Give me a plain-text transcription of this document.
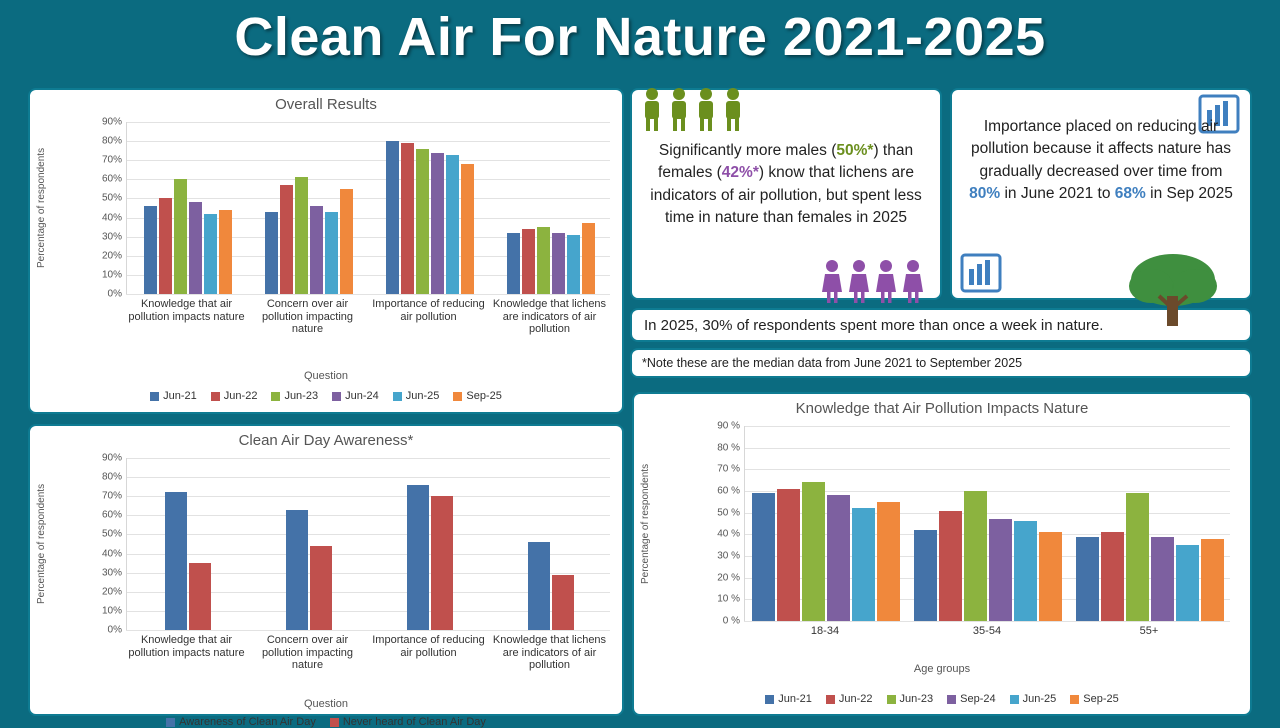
Clean Air For Nature 2021-2025
Overall Results
Percentage of respondents
0%
10%
20%
30%
40%
50%
60%
70%
80%
90%
Knowledge that air pollution impacts nature
Concern over air pollution impacting nature
Importance of reducing air pollution
Knowledge that lichens are indicators of air pollution
Question
Jun-21 Jun-22 Jun-23 Jun-24 Jun-25 Sep-25
Significantly more males (50%*) than females (42%*) know that lichens are indicators of air pollution, but spent less time in nature than females in 2025
Importance placed on reducing air pollution because it affects nature has gradually decreased over time from 80% in June 2021 to 68% in Sep 2025
In 2025, 30% of respondents spent more than once a week in nature.
*Note these are the median data from June 2021 to September 2025
Clean Air Day Awareness*
Percentage of respondents
0%
10%
20%
30%
40%
50%
60%
70%
80%
90%
Knowledge that air pollution impacts nature
Concern over air pollution impacting nature
Importance of reducing air pollution
Knowledge that lichens are indicators of air pollution
Question
Awareness of Clean Air Day Never heard of Clean Air Day
Knowledge that Air Pollution Impacts Nature
Percentage of respondents
0 %
10 %
20 %
30 %
40 %
50 %
60 %
70 %
80 %
90 %
18-34	35-54	55+
Age groups
Jun-21 Jun-22 Jun-23 Sep-24 Jun-25 Sep-25
